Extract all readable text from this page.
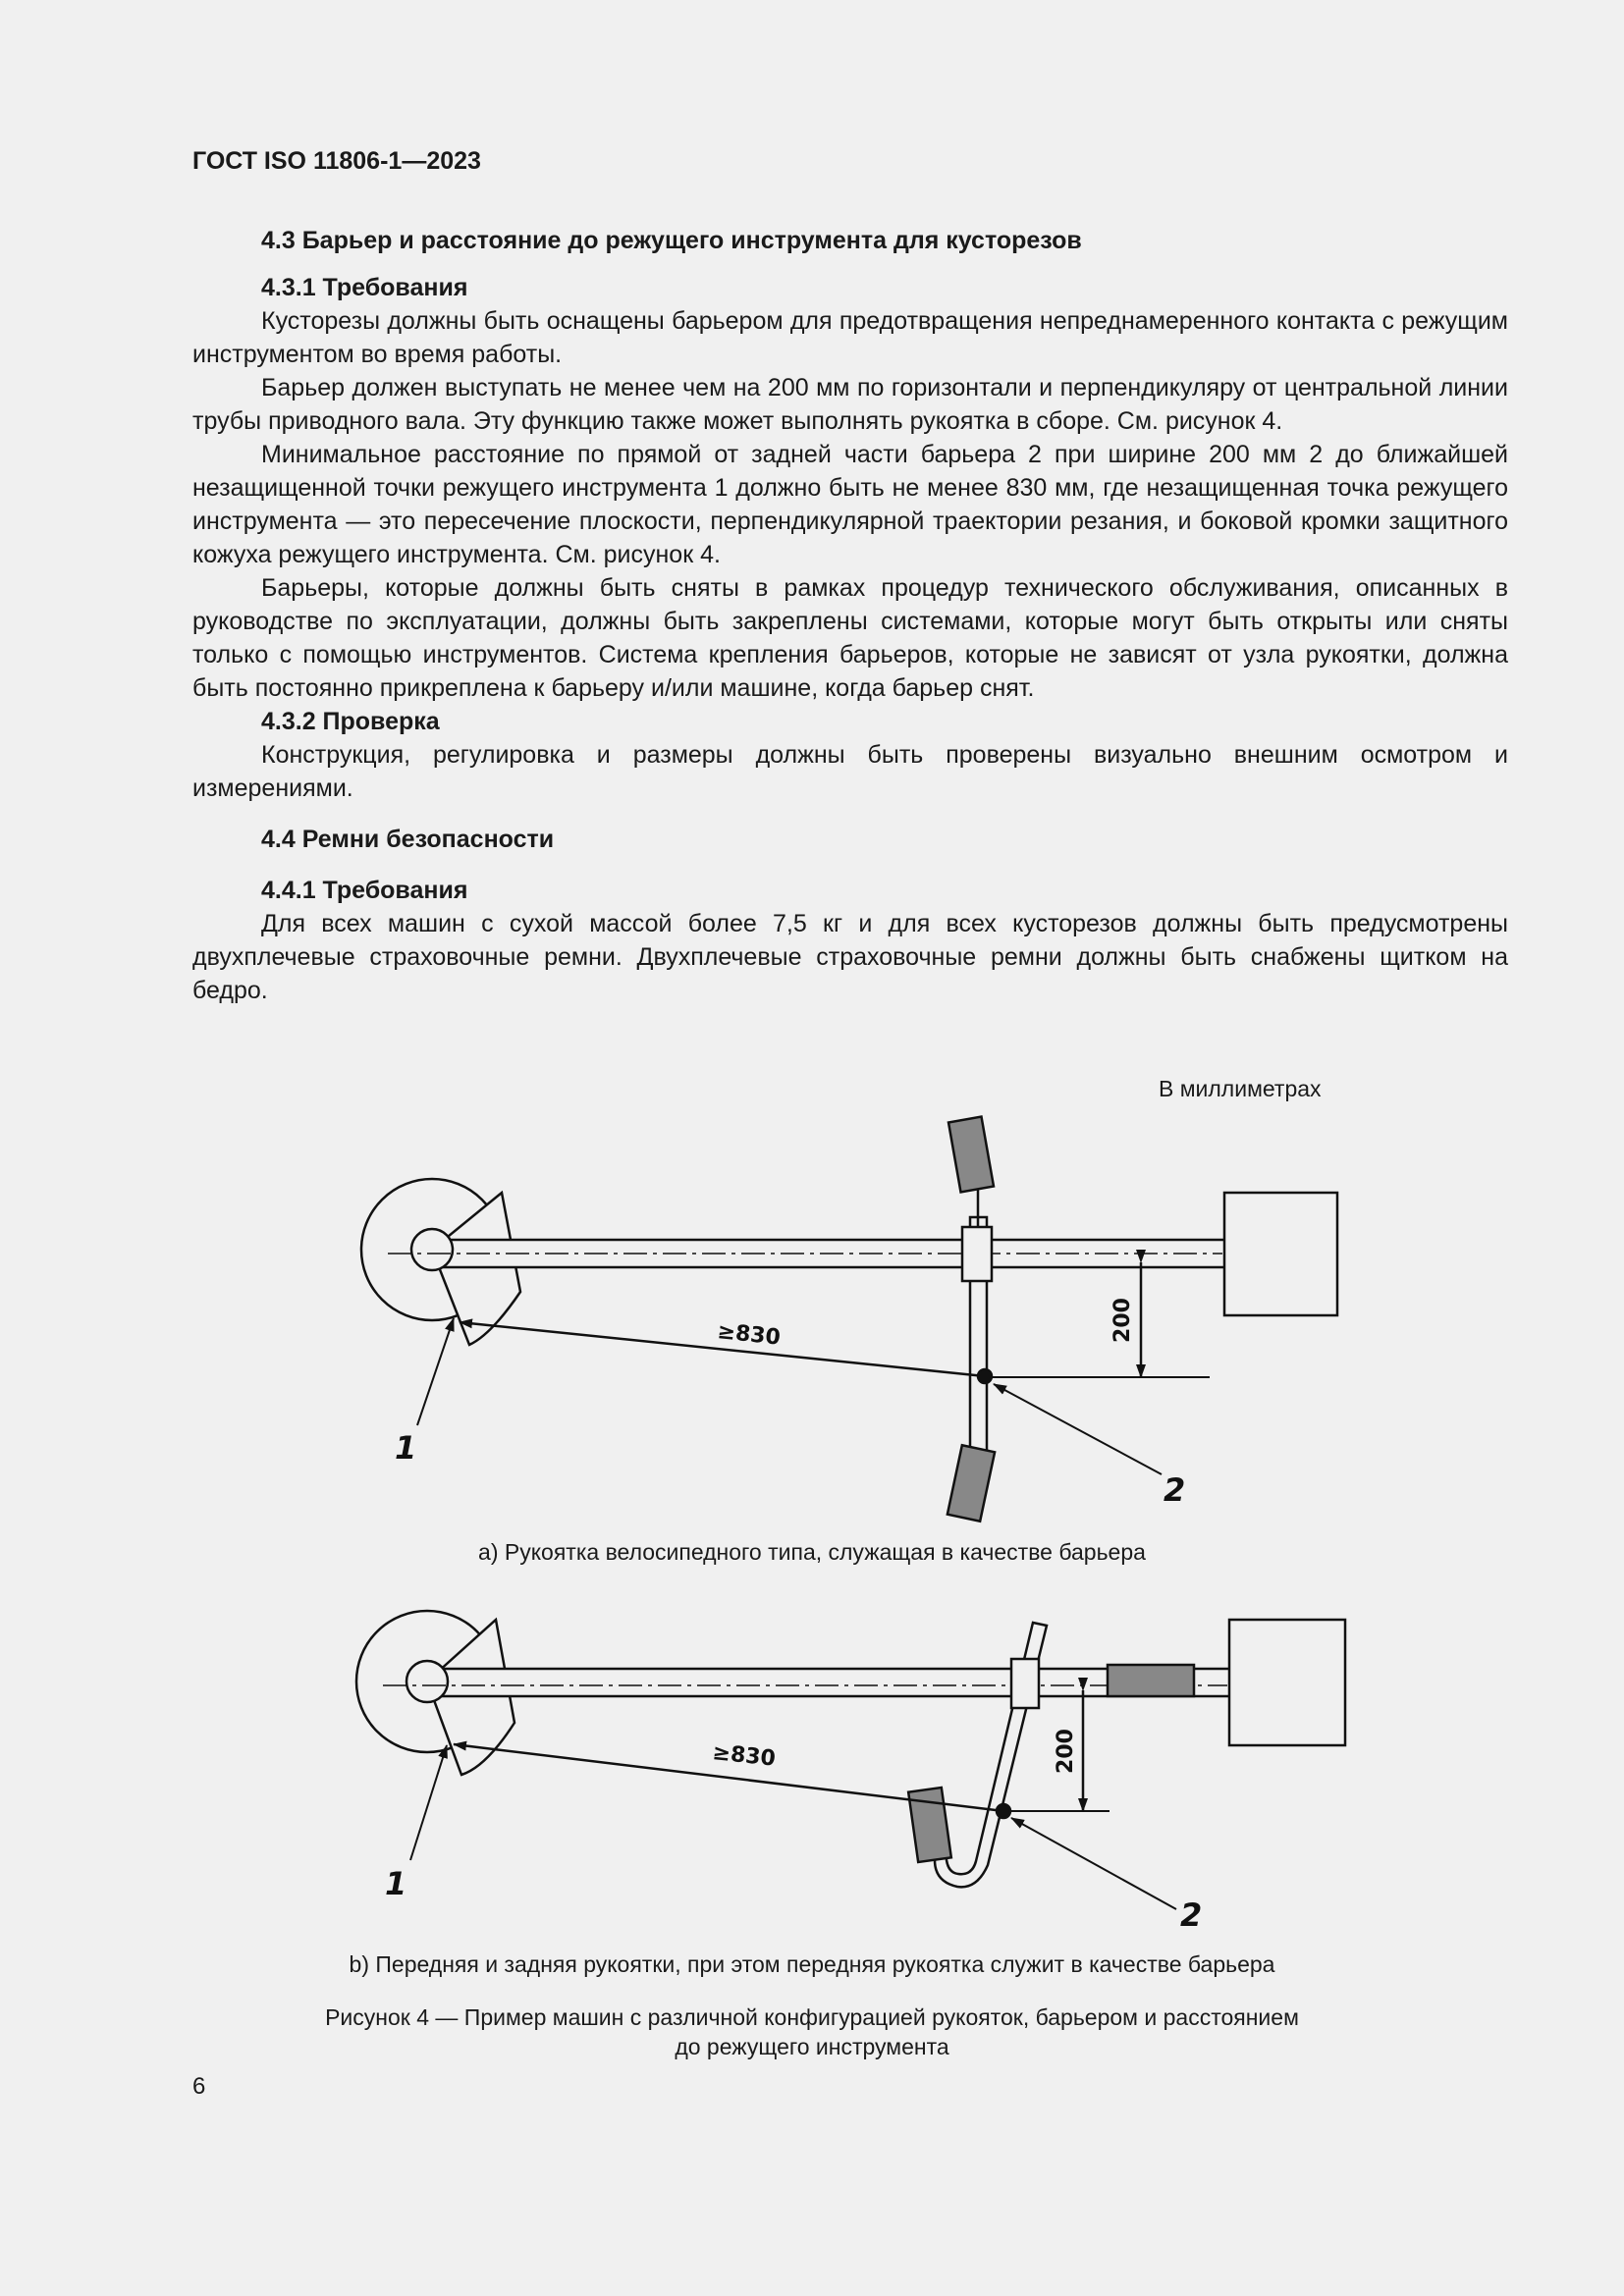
ГОСТ ISO 11806-1—2023

4.3 Барьер и расстояние до режущего инструмента для кусторезов

4.3.1 Требования

Кусторезы должны быть оснащены барьером для предотвращения непреднамеренного контакта с режущим инструментом во время работы.

Барьер должен выступать не менее чем на 200 мм по горизонтали и перпендикуляру от центральной линии трубы приводного вала. Эту функцию также может выполнять рукоятка в сборе. См. рисунок 4.

Минимальное расстояние по прямой от задней части барьера 2 при ширине 200 мм 2 до ближайшей незащищенной точки режущего инструмента 1 должно быть не менее 830 мм, где незащищенная точка режущего инструмента — это пересечение плоскости, перпендикулярной траектории резания, и боковой кромки защитного кожуха режущего инструмента. См. рисунок 4.

Барьеры, которые должны быть сняты в рамках процедур технического обслуживания, описанных в руководстве по эксплуатации, должны быть закреплены системами, которые могут быть открыты или сняты только с помощью инструментов. Система крепления барьеров, которые не зависят от узла рукоятки, должна быть постоянно прикреплена к барьеру и/или машине, когда барьер снят.

4.3.2 Проверка

Конструкция, регулировка и размеры должны быть проверены визуально внешним осмотром и измерениями.

4.4 Ремни безопасности

4.4.1 Требования

Для всех машин с сухой массой более 7,5 кг и для всех кусторезов должны быть предусмотрены двухплечевые страховочные ремни. Двухплечевые страховочные ремни должны быть снабжены щитком на бедро.

В миллиметрах
≥830	200
1
2
≥830	200
1
2
a) Рукоятка велосипедного типа, служащая в качестве барьера
b) Передняя и задняя рукоятки, при этом передняя рукоятка служит в качестве барьера
Рисунок 4 — Пример машин с различной конфигурацией рукояток, барьером и расстоянием
до режущего инструмента
6
